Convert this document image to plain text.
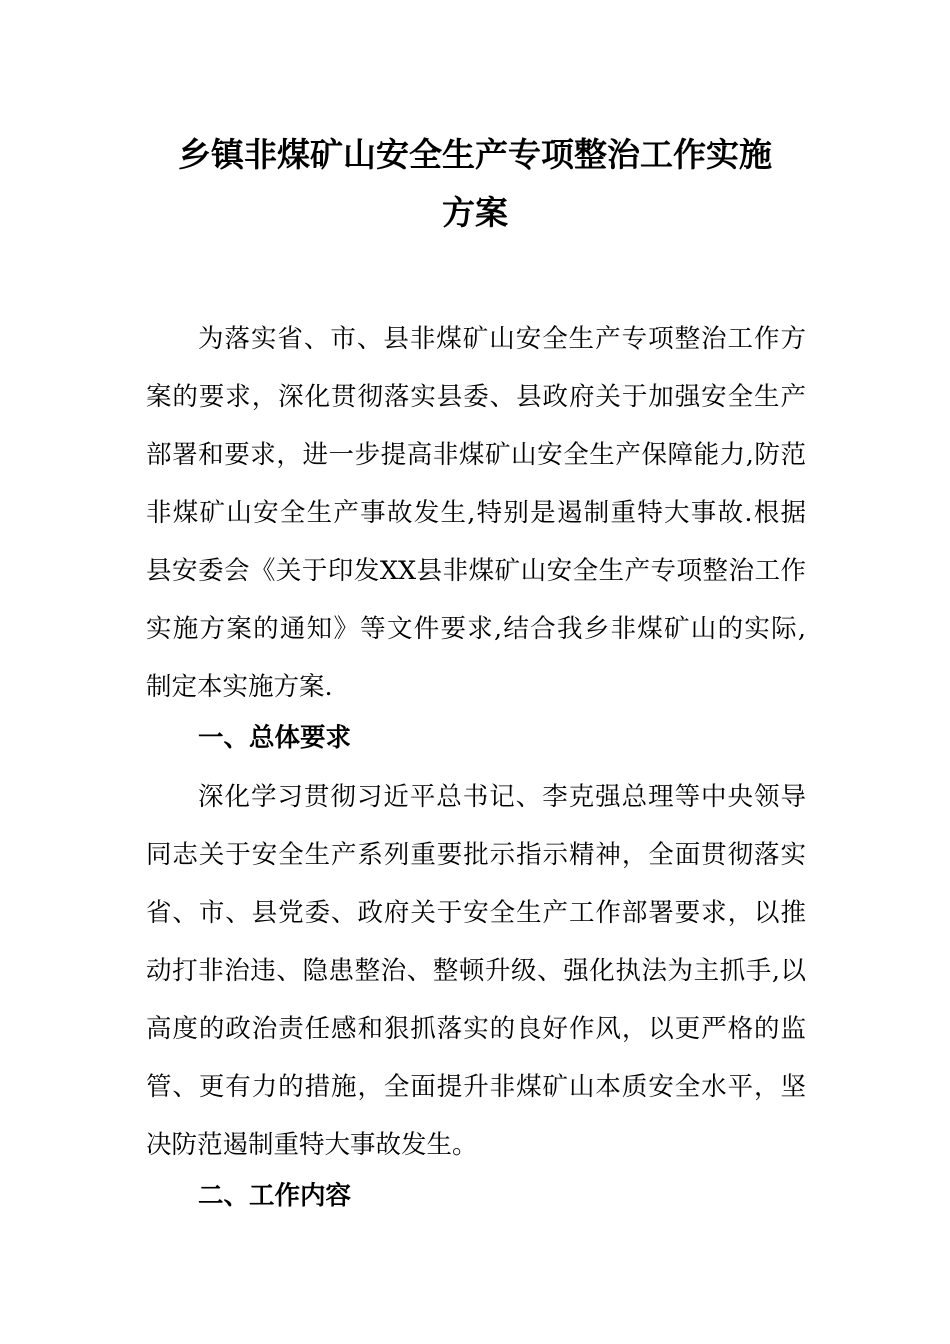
乡镇非煤矿山安全生产专项整治工作实施
方案
为落实省、市、县非煤矿山安全生产专项整治工作方
案的要求，深化贯彻落实县委、县政府关于加强安全生产
部署和要求，进一步提高非煤矿山安全生产保障能力,防范
非煤矿山安全生产事故发生,特别是遏制重特大事故.根据
县安委会《关于印发XX县非煤矿山安全生产专项整治工作
实施方案的通知》等文件要求,结合我乡非煤矿山的实际,
制定本实施方案.
一、总体要求
深化学习贯彻习近平总书记、李克强总理等中央领导
同志关于安全生产系列重要批示指示精神，全面贯彻落实
省、市、县党委、政府关于安全生产工作部署要求，以推
动打非治违、隐患整治、整顿升级、强化执法为主抓手,以
高度的政治责任感和狠抓落实的良好作风，以更严格的监
管、更有力的措施，全面提升非煤矿山本质安全水平，坚
决防范遏制重特大事故发生。
二、工作内容
